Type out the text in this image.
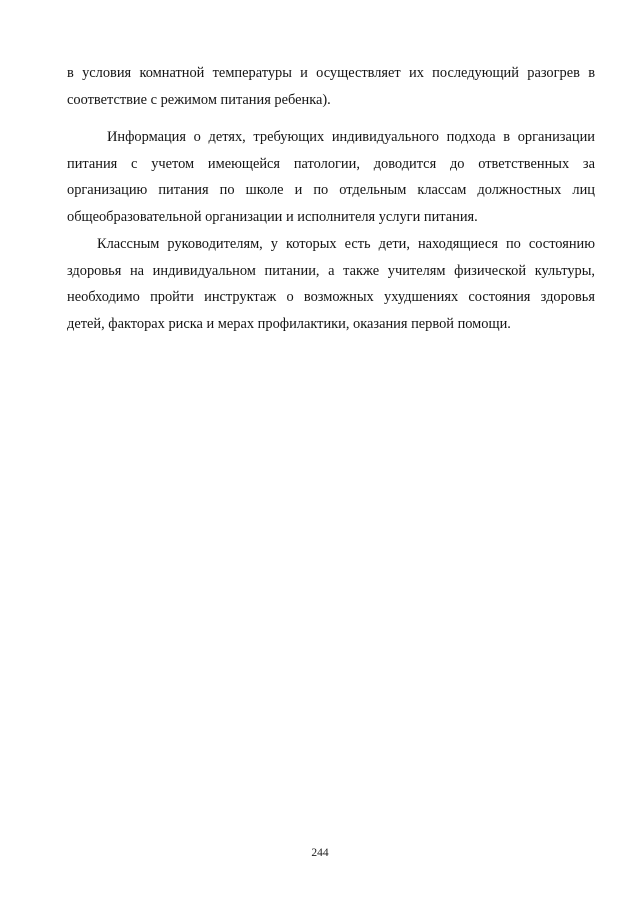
в условия комнатной температуры и осуществляет их последующий разогрев в
соответствие с режимом питания ребенка).

Информация о детях, требующих индивидуального подхода в организации
питания с учетом имеющейся патологии, доводится до ответственных за
организацию питания по школе и по отдельным классам должностных лиц
общеобразовательной организации и исполнителя услуги питания.

Классным руководителям, у которых есть дети, находящиеся по состоянию
здоровья на индивидуальном питании, а также учителям физической культуры,
необходимо пройти инструктаж о возможных ухудшениях состояния здоровья
детей, факторах риска и мерах профилактики, оказания первой помощи.

244
